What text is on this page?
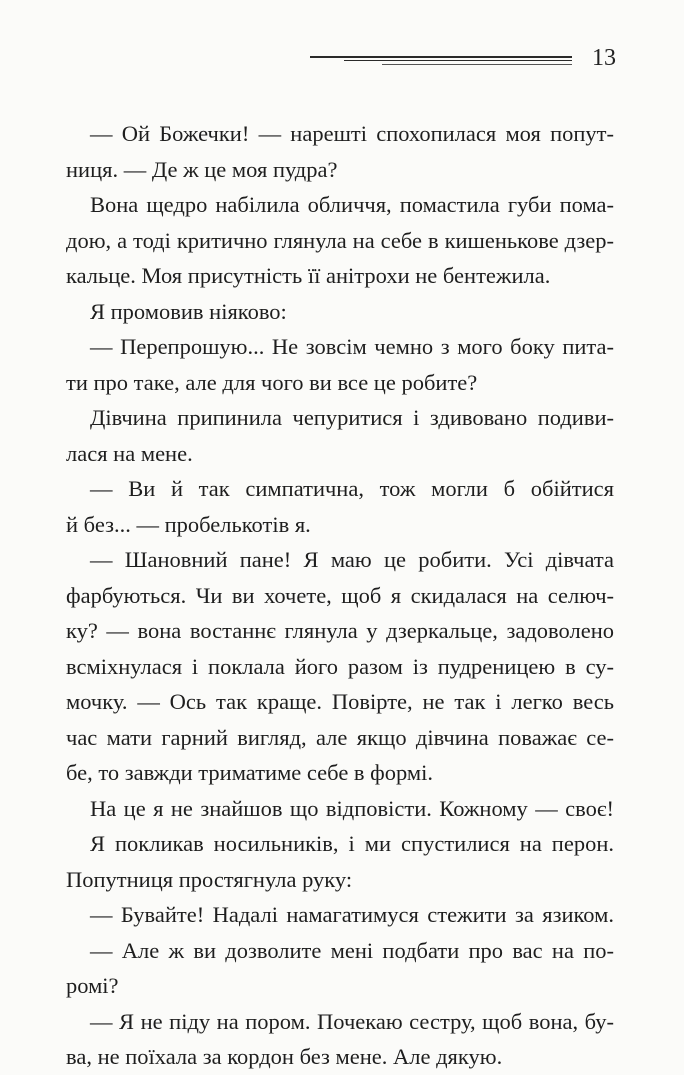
13
— Ой Божечки! — нарешті спохопилася моя попут-
ниця. — Де ж це моя пудра?
Вона щедро набілила обличчя, помастила губи пома-
дою, а тоді критично глянула на себе в кишенькове дзер-
кальце. Моя присутність її анітрохи не бентежила.
Я промовив ніяково:
— Перепрошую... Не зовсім чемно з мого боку пита-
ти про таке, але для чого ви все це робите?
Дівчина припинила чепуритися і здивовано подиви-
лася на мене.
— Ви й так симпатична, тож могли б обійтися
й без... — пробелькотів я.
— Шановний пане! Я маю це робити. Усі дівчата
фарбуються. Чи ви хочете, щоб я скидалася на селюч-
ку? — вона востаннє глянула у дзеркальце, задоволено
всміхнулася і поклала його разом із пудреницею в су-
мочку. — Ось так краще. Повірте, не так і легко весь
час мати гарний вигляд, але якщо дівчина поважає се-
бе, то завжди триматиме себе в формі.
На це я не знайшов що відповісти. Кожному — своє!
Я покликав носильників, і ми спустилися на перон.
Попутниця простягнула руку:
— Бувайте! Надалі намагатимуся стежити за язиком.
— Але ж ви дозволите мені подбати про вас на по-
ромі?
— Я не піду на пором. Почекаю сестру, щоб вона, бу-
ва, не поїхала за кордон без мене. Але дякую.
